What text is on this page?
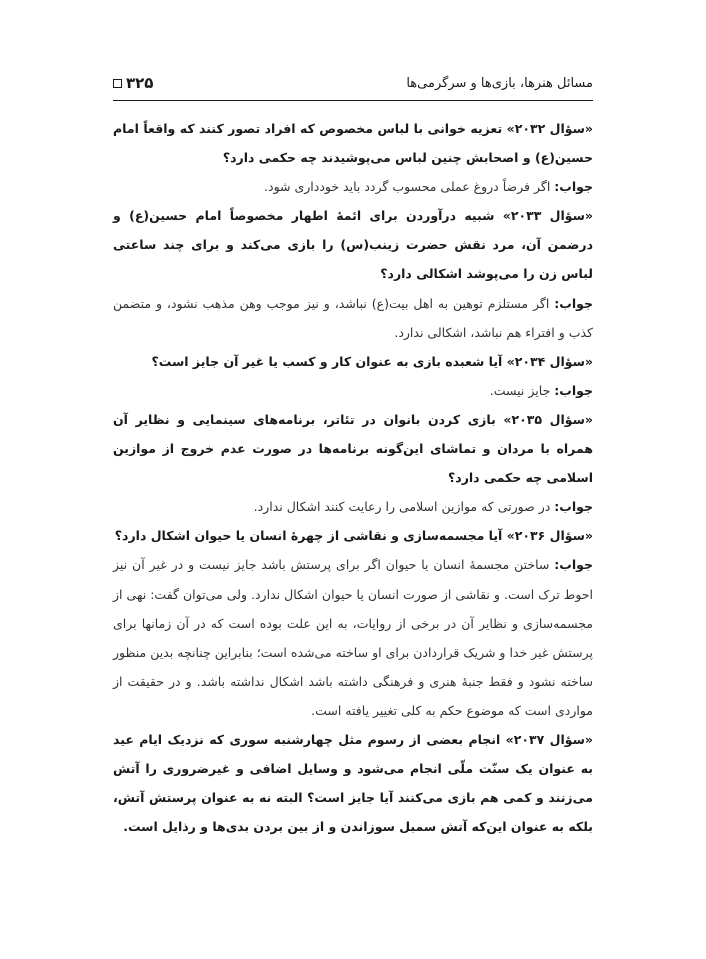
مسائل هنرها، بازی‌ها و سرگرمی‌ها
۳۲۵

«سؤال ۲۰۳۲» تعزیه خوانی با لباس مخصوص که افراد تصور کنند که واقعاً امام حسین(ع) و اصحابش چنین لباس می‌پوشیدند چه حکمی دارد؟

جواب: اگر فرضاً دروغ عملی محسوب گردد باید خودداری شود.

«سؤال ۲۰۳۳» شبیه درآوردن برای ائمهٔ اطهار مخصوصاً امام حسین(ع) و درضمن آن، مرد نقش حضرت زینب(س) را بازی می‌کند و برای چند ساعتی لباس زن را می‌پوشد اشکالی دارد؟

جواب: اگر مستلزم توهین به اهل بیت(ع) نباشد، و نیز موجب وهن مذهب نشود، و متضمن کذب و افتراء هم نباشد، اشکالی ندارد.

«سؤال ۲۰۳۴» آیا شعبده بازی به عنوان کار و کسب یا غیر آن جایز است؟

جواب: جایز نیست.

«سؤال ۲۰۳۵» بازی کردن بانوان در تئاتر، برنامه‌های سینمایی و نظایر آن همراه با مردان و تماشای این‌گونه برنامه‌ها در صورت عدم خروج از موازین اسلامی چه حکمی دارد؟

جواب: در صورتی که موازین اسلامی را رعایت کنند اشکال ندارد.

«سؤال ۲۰۳۶» آیا مجسمه‌سازی و نقاشی از چهرهٔ انسان یا حیوان اشکال دارد؟

جواب: ساختن مجسمهٔ انسان یا حیوان اگر برای پرستش باشد جایز نیست و در غیر آن نیز احوط ترک است. و نقاشی از صورت انسان یا حیوان اشکال ندارد. ولی می‌توان گفت: نهی از مجسمه‌سازی و نظایر آن در برخی از روایات، به این علت بوده است که در آن زمانها برای پرستش غیر خدا و شریک قراردادن برای او ساخته می‌شده است؛ بنابراین چنانچه بدین منظور ساخته نشود و فقط جنبهٔ هنری و فرهنگی داشته باشد اشکال نداشته باشد. و در حقیقت از مواردی است که موضوع حکم به کلی تغییر یافته است.

«سؤال ۲۰۳۷» انجام بعضی از رسوم مثل چهارشنبه سوری که نزدیک ایام عید به عنوان یک سنّت ملّی انجام می‌شود و وسایل اضافی و غیرضروری را آتش می‌زنند و کمی هم بازی می‌کنند آیا جایز است؟ البته نه به عنوان پرستش آتش، بلکه به عنوان این‌که آتش سمبل سوزاندن و از بین بردن بدی‌ها و رذایل است.
